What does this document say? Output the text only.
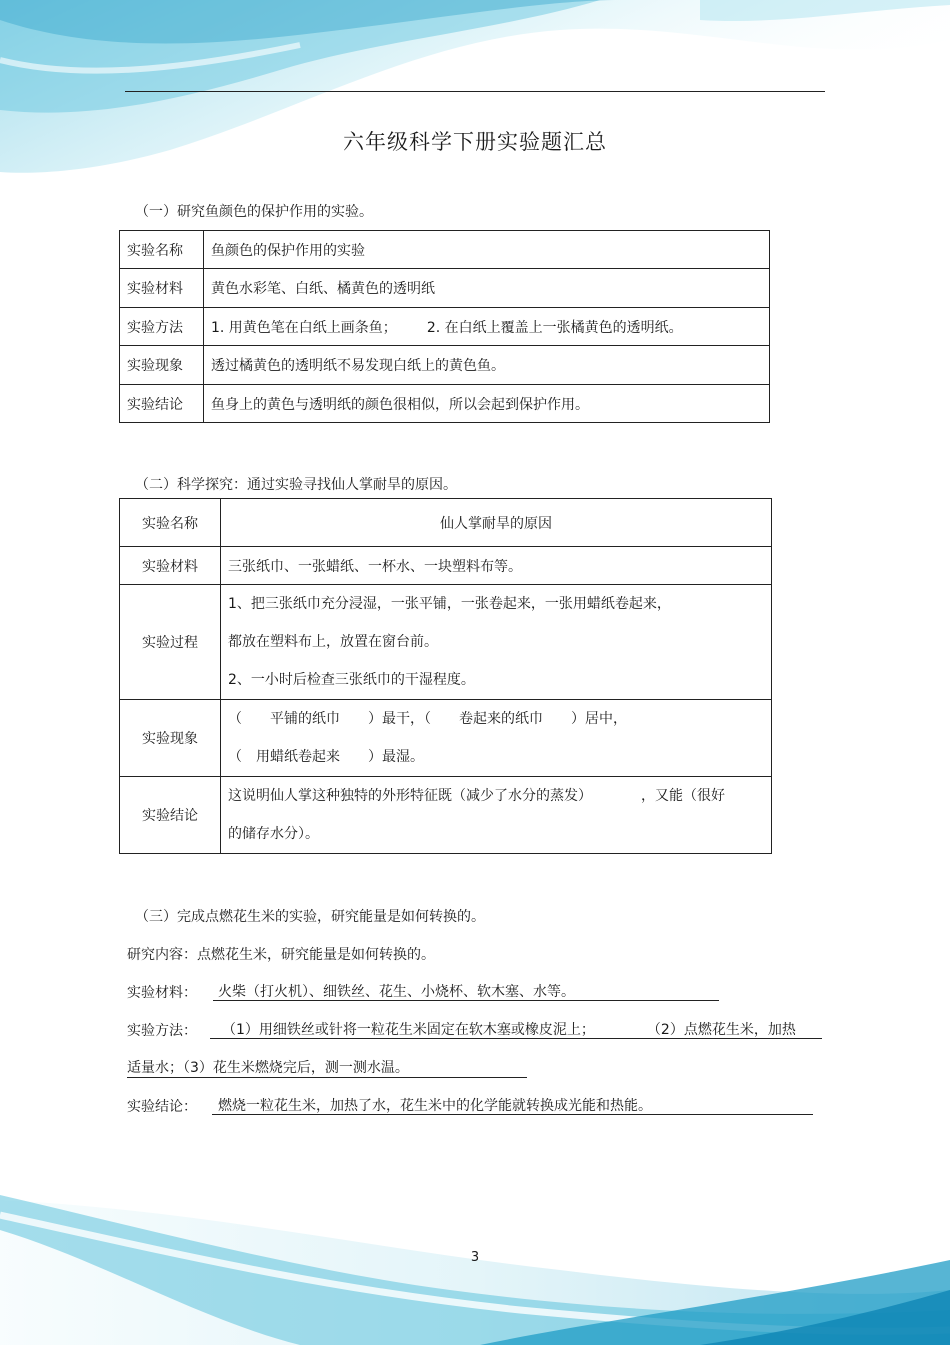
六年级科学下册实验题汇总
（一）研究鱼颜色的保护作用的实验。
实验名称	鱼颜色的保护作用的实验
实验材料	黄色水彩笔、白纸、橘黄色的透明纸
实验方法	1. 用黄色笔在白纸上画条鱼； 2. 在白纸上覆盖上一张橘黄色的透明纸。
实验现象	透过橘黄色的透明纸不易发现白纸上的黄色鱼。
实验结论	鱼身上的黄色与透明纸的颜色很相似，所以会起到保护作用。
（二）科学探究：通过实验寻找仙人掌耐旱的原因。
实验名称	仙人掌耐旱的原因
实验材料	三张纸巾、一张蜡纸、一杯水、一块塑料布等。
实验过程	1、把三张纸巾充分浸湿，一张平铺，一张卷起来，一张用蜡纸卷起来，

都放在塑料布上，放置在窗台前。

2、一小时后检查三张纸巾的干湿程度。

实验现象	（　　平铺的纸巾　　）最干，（　　卷起来的纸巾　　）居中，

（　用蜡纸卷起来　　）最湿。

实验结论	这说明仙人掌这种独特的外形特征既（减少了水分的蒸发）　　　　，又能（很好

的储存水分）。

（三）完成点燃花生米的实验，研究能量是如何转换的。
研究内容：点燃花生米，研究能量是如何转换的。
实验材料：	火柴（打火机）、细铁丝、花生、小烧杯、软木塞、水等。
实验方法：	（1）用细铁丝或针将一粒花生米固定在软木塞或橡皮泥上；	（2）点燃花生米，加热
适量水；（3）花生米燃烧完后，测一测水温。
实验结论：	燃烧一粒花生米，加热了水，花生米中的化学能就转换成光能和热能。
3
